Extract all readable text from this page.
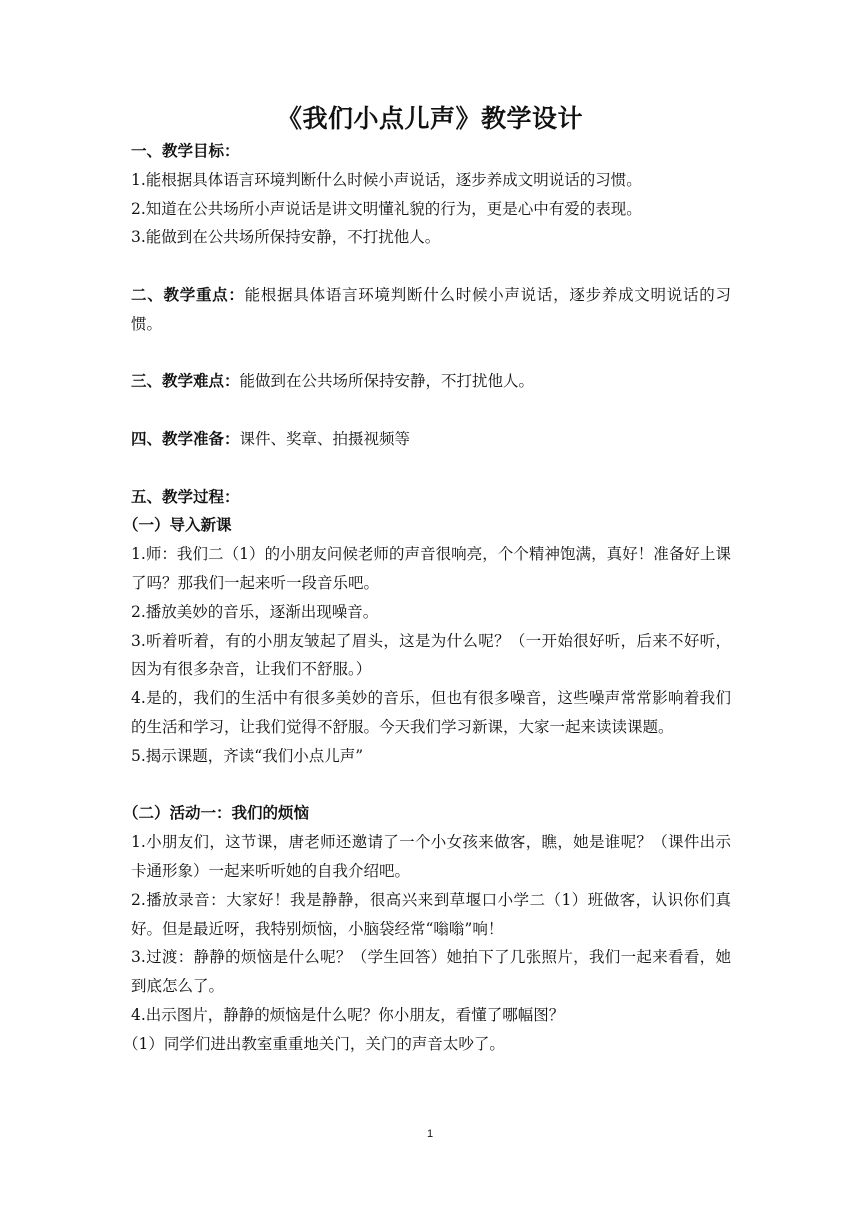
《我们小点儿声》教学设计

一、教学目标：

1.能根据具体语言环境判断什么时候小声说话，逐步养成文明说话的习惯。

2.知道在公共场所小声说话是讲文明懂礼貌的行为，更是心中有爱的表现。

3.能做到在公共场所保持安静，不打扰他人。

二、教学重点：能根据具体语言环境判断什么时候小声说话，逐步养成文明说话的习惯。

三、教学难点：能做到在公共场所保持安静，不打扰他人。

四、教学准备：课件、奖章、拍摄视频等

五、教学过程：

（一）导入新课

1.师：我们二（1）的小朋友问候老师的声音很响亮，个个精神饱满，真好！准备好上课了吗？那我们一起来听一段音乐吧。

2.播放美妙的音乐，逐渐出现噪音。

3.听着听着，有的小朋友皱起了眉头，这是为什么呢？（一开始很好听，后来不好听，因为有很多杂音，让我们不舒服。）

4.是的，我们的生活中有很多美妙的音乐，但也有很多噪音，这些噪声常常影响着我们的生活和学习，让我们觉得不舒服。今天我们学习新课，大家一起来读读课题。

5.揭示课题，齐读“我们小点儿声”

（二）活动一：我们的烦恼

1.小朋友们，这节课，唐老师还邀请了一个小女孩来做客，瞧，她是谁呢？（课件出示卡通形象）一起来听听她的自我介绍吧。

2.播放录音：大家好！我是静静，很高兴来到草堰口小学二（1）班做客，认识你们真好。但是最近呀，我特别烦恼，小脑袋经常“嗡嗡”响！

3.过渡：静静的烦恼是什么呢？（学生回答）她拍下了几张照片，我们一起来看看，她到底怎么了。

4.出示图片，静静的烦恼是什么呢？你小朋友，看懂了哪幅图？

（1）同学们进出教室重重地关门，关门的声音太吵了。

1
